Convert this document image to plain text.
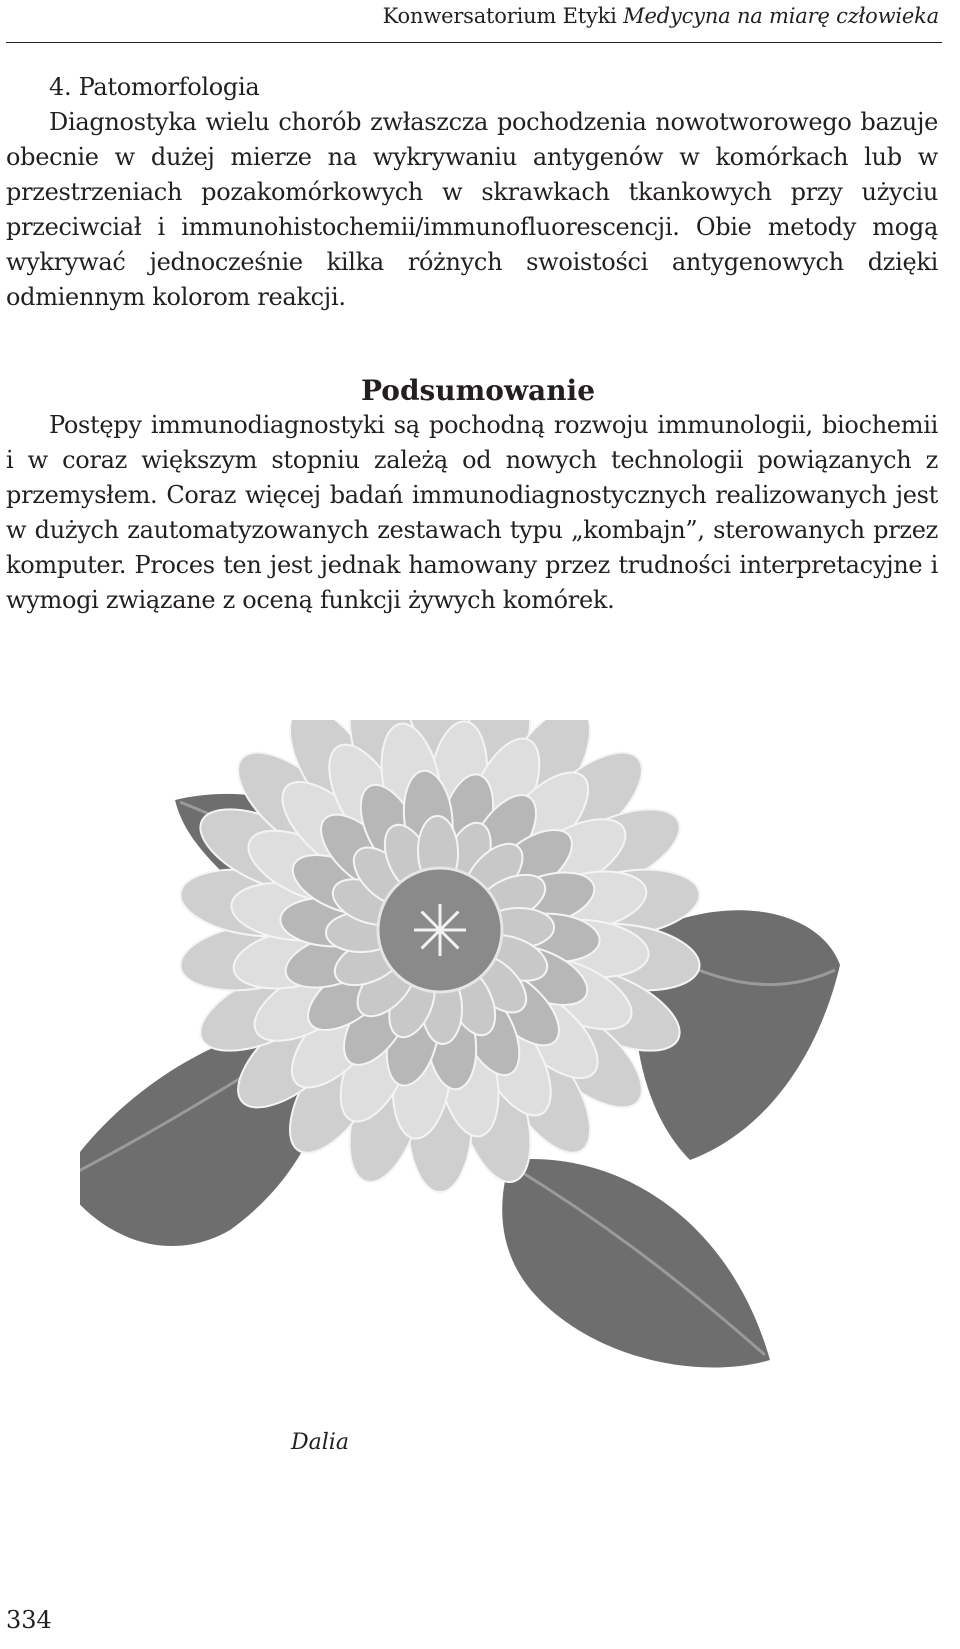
Konwersatorium Etyki Medycyna na miarę człowieka

4. Patomorfologia

Diagnostyka wielu chorób zwłaszcza pochodzenia nowotworowego bazuje obecnie w dużej mierze na wykrywaniu antygenów w komórkach lub w przestrzeniach pozakomórkowych w skrawkach tkankowych przy użyciu przeciwciał i immunohistochemii/immunofluorescencji. Obie metody mogą wykrywać jednocześnie kilka różnych swoistości antygenowych dzięki odmiennym kolorom reakcji.

Podsumowanie

Postępy immunodiagnostyki są pochodną rozwoju immunologii, biochemii i w coraz większym stopniu zależą od nowych technologii powiązanych z przemysłem. Coraz więcej badań immunodiagnostycznych realizowanych jest w dużych zautomatyzowanych zestawach typu „kombajn”, sterowanych przez komputer. Proces ten jest jednak hamowany przez trudności interpretacyjne i wymogi związane z oceną funkcji żywych komórek.

Dalia
334
